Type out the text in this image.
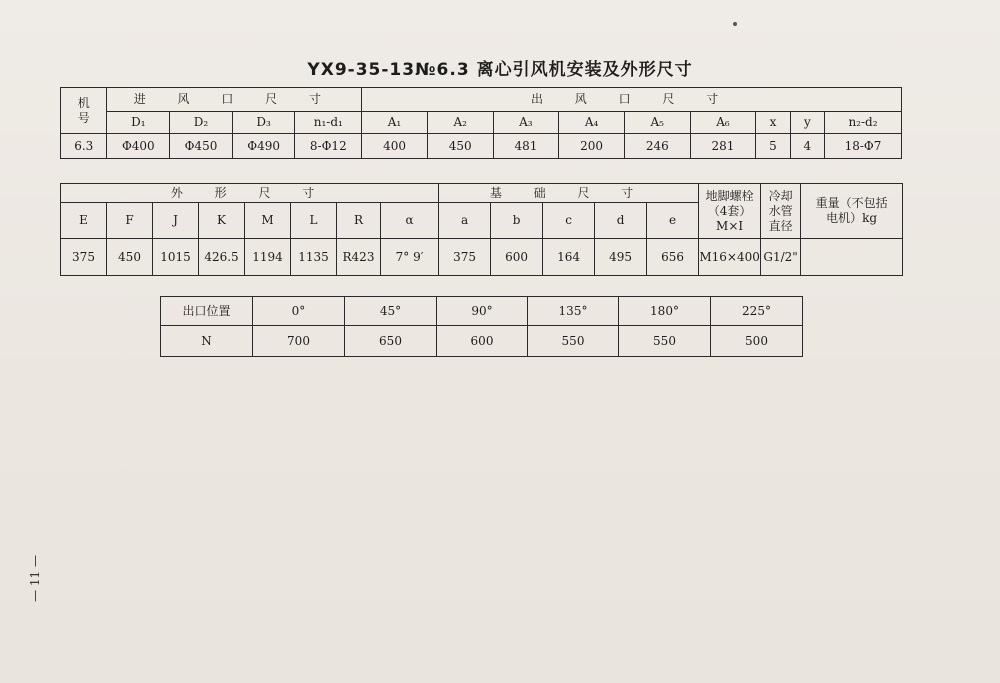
YX9-35-13№6.3 离心引风机安装及外形尺寸
机号	进 风 口 尺 寸				出 风 口 尺 寸								
	D₁	D₂	D₃	n₁-d₁	A₁	A₂	A₃	A₄	A₅	A₆	x	y	n₂-d₂
6.3	Φ400	Φ450	Φ490	8-Φ12	400	450	481	200	246	281	5	4	18-Φ7
外 形 尺 寸								基 础 尺 寸					地脚螺栓（4套）M×I	冷却水管直径	重量（不包括电机）kg
E	F	J	K	M	L	R	α	a	b	c	d	e			
375	450	1015	426.5	1194	1135	R423	7° 9′	375	600	164	495	656	M16×400	G1/2"	
出口位置	0°	45°	90°	135°	180°	225°
N	700	650	600	550	550	500
— 11 —
